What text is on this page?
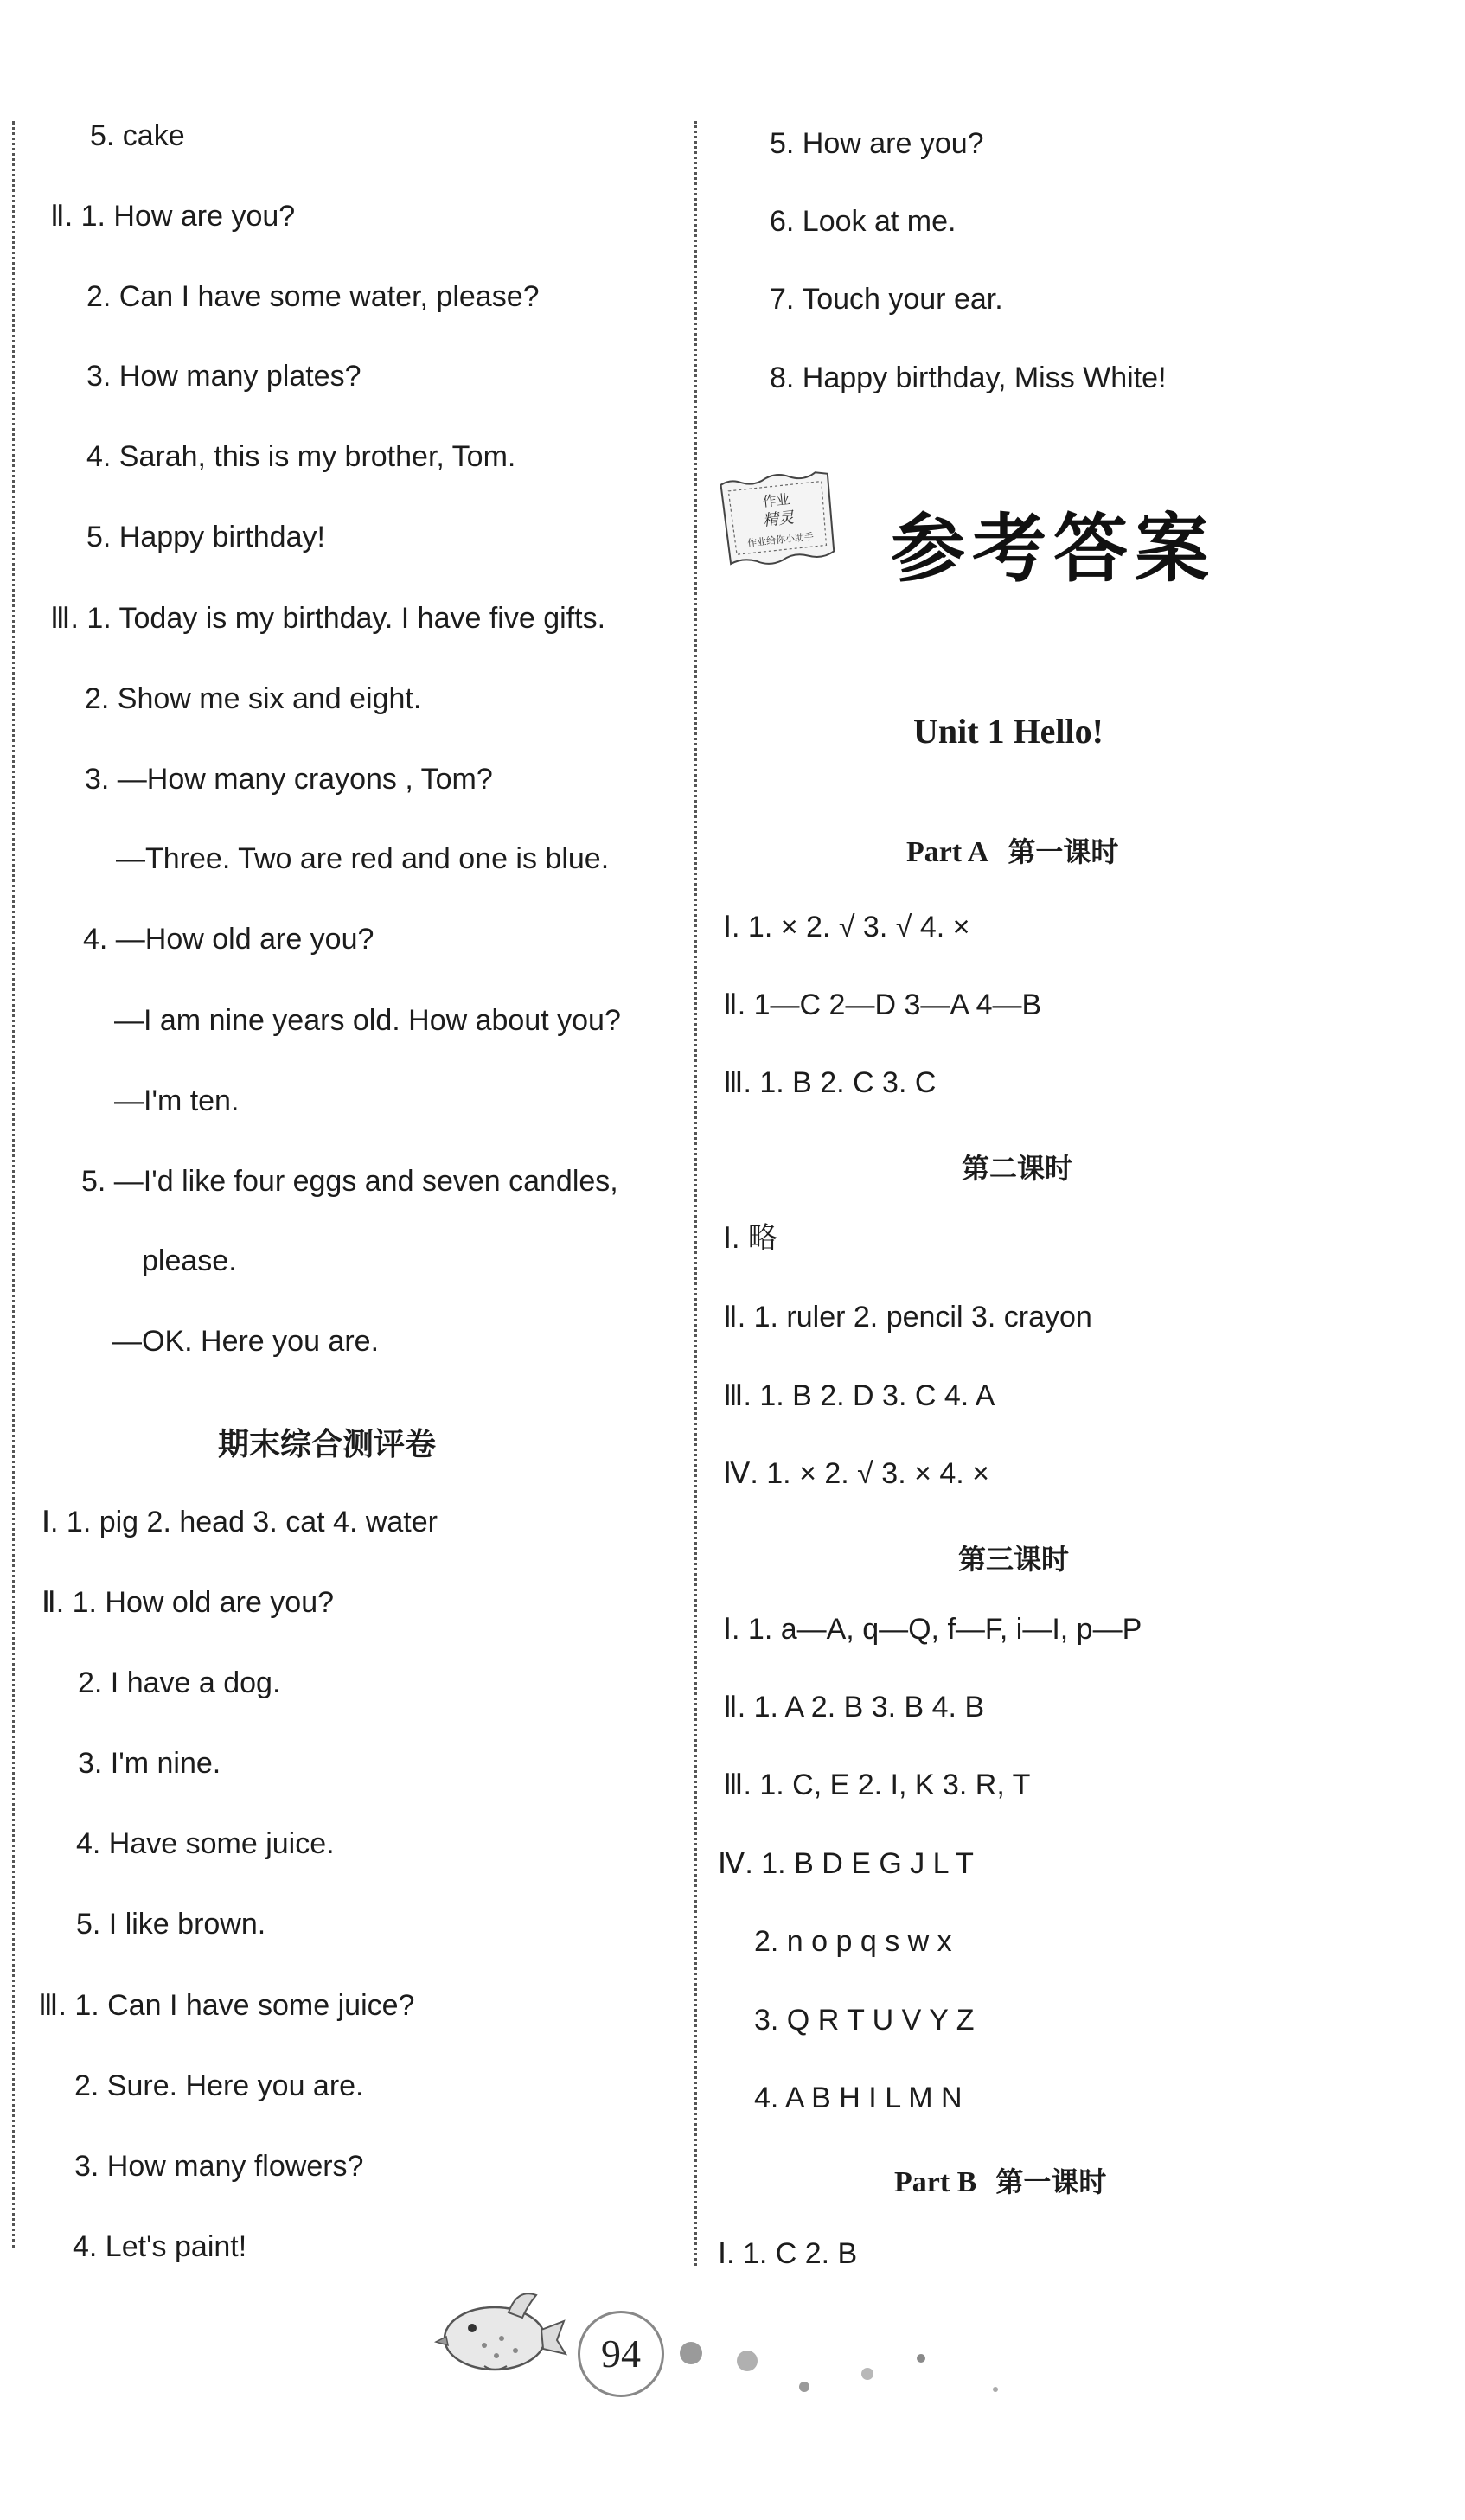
5. cake
Ⅱ. 1. How are you?
2. Can I have some water, please?
3. How many plates?
4. Sarah, this is my brother, Tom.
5. Happy birthday!
Ⅲ. 1. Today is my birthday. I have five gifts.
2. Show me six and eight.
3. —How many crayons , Tom?
—Three. Two are red and one is blue.
4. —How old are you?
—I am nine years old. How about you?
—I'm ten.
5. —I'd like four eggs and seven candles,
please.
—OK. Here you are.
期末综合测评卷
Ⅰ. 1. pig 2. head 3. cat 4. water
Ⅱ. 1. How old are you?
2. I have a dog.
3. I'm nine.
4. Have some juice.
5. I like brown.
Ⅲ. 1. Can I have some juice?
2. Sure. Here you are.
3. How many flowers?
4. Let's paint!
5. How are you?
6. Look at me.
7. Touch your ear.
8. Happy birthday, Miss White!
作业
精灵
作业给你小助手 参考答案
Unit 1 Hello!
Part A 第一课时
Ⅰ. 1. × 2. √ 3. √ 4. ×
Ⅱ. 1—C 2—D 3—A 4—B
Ⅲ. 1. B 2. C 3. C
第二课时
Ⅰ. 略
Ⅱ. 1. ruler 2. pencil 3. crayon
Ⅲ. 1. B 2. D 3. C 4. A
Ⅳ. 1. × 2. √ 3. × 4. ×
第三课时
Ⅰ. 1. a—A, q—Q, f—F, i—I, p—P
Ⅱ. 1. A 2. B 3. B 4. B
Ⅲ. 1. C, E 2. I, K 3. R, T
Ⅳ. 1. B D E G J L T
2. n o p q s w x
3. Q R T U V Y Z
4. A B H I L M N
Part B 第一课时
Ⅰ. 1. C 2. B
94
